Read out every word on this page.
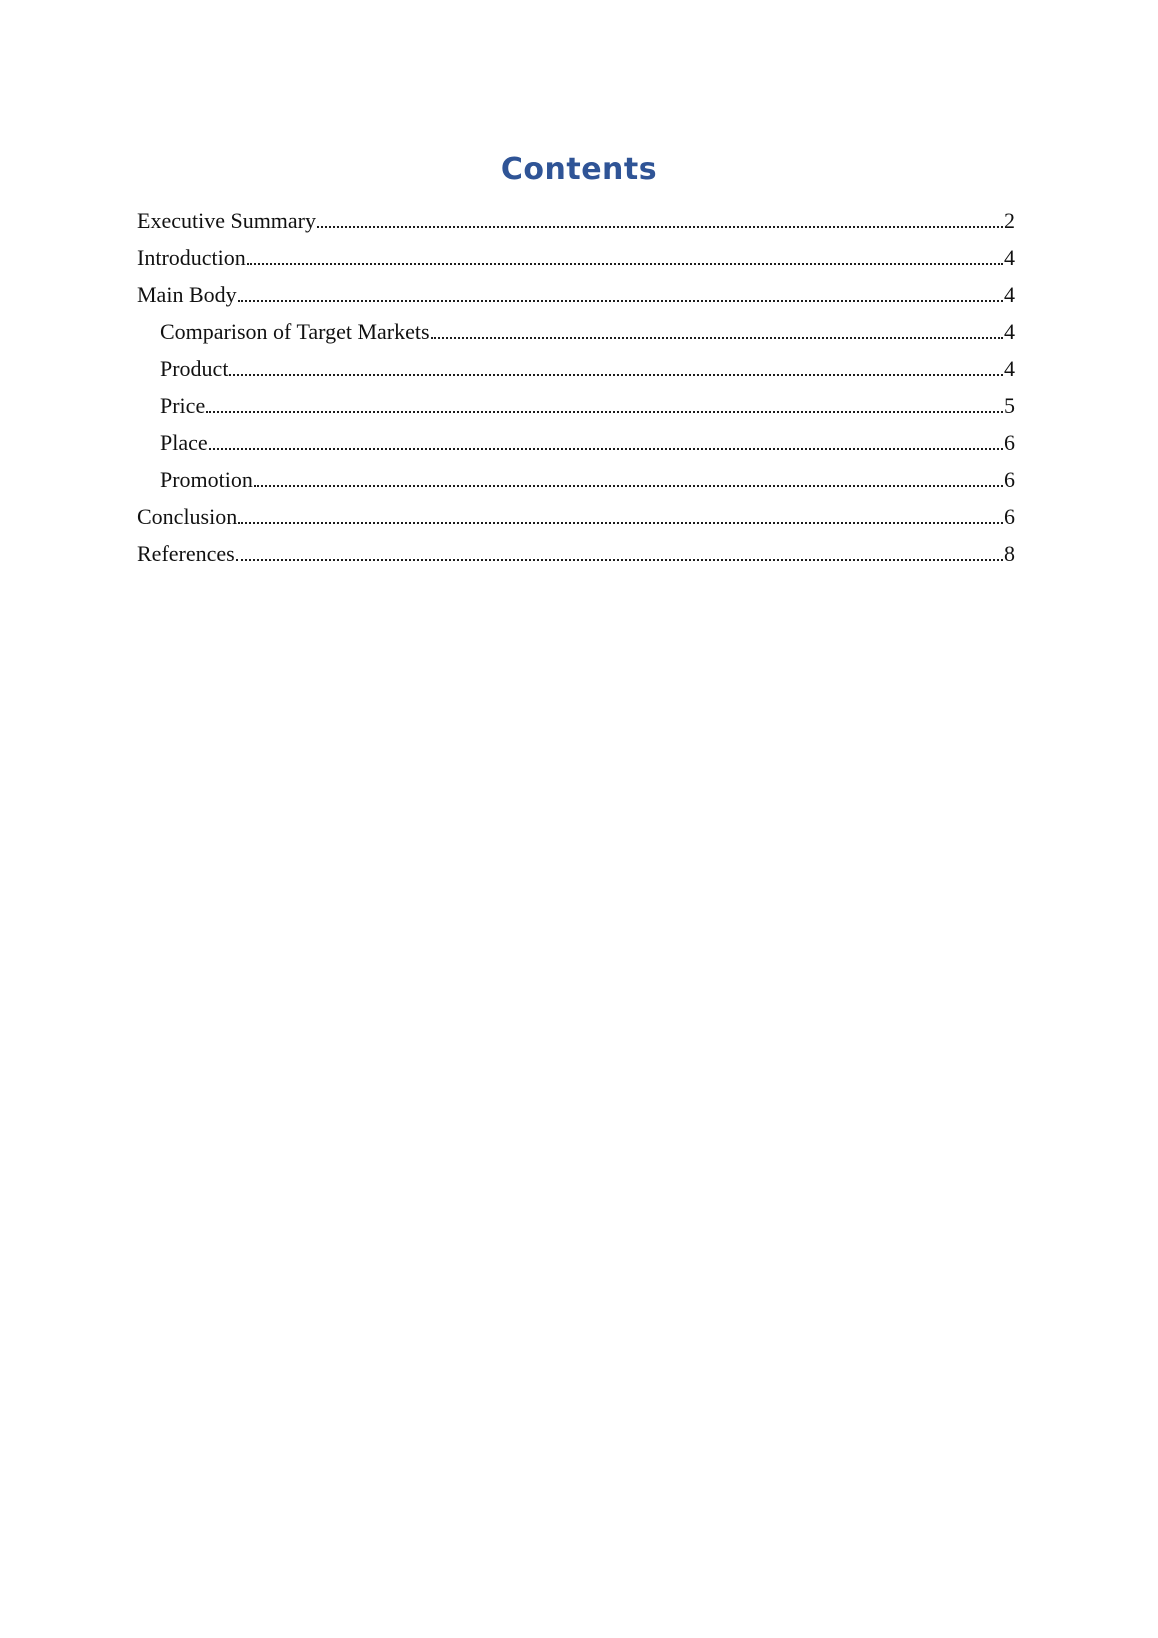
Contents
Executive Summary	2
Introduction	4
Main Body	4
Comparison of Target Markets	4
Product	4
Price	5
Place	6
Promotion	6
Conclusion	6
References	8
